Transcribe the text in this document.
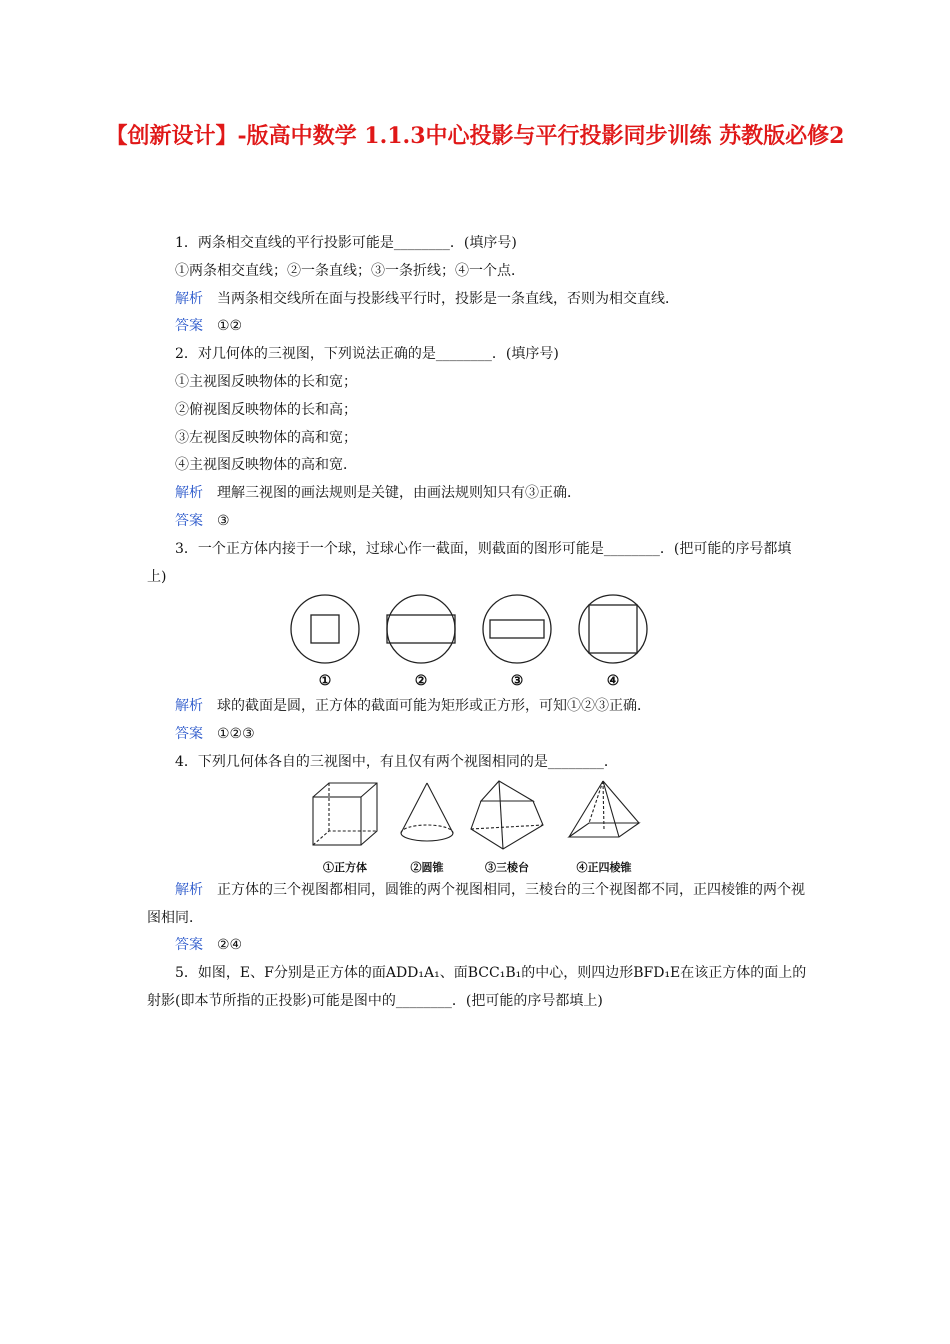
【创新设计】-版高中数学 1.1.3中心投影与平行投影同步训练 苏教版必修2

1．两条相交直线的平行投影可能是________．(填序号)

①两条相交直线；②一条直线；③一条折线；④一个点．

解析 当两条相交线所在面与投影线平行时，投影是一条直线，否则为相交直线．

答案 ①②

2．对几何体的三视图，下列说法正确的是________．(填序号)

①主视图反映物体的长和宽；

②俯视图反映物体的长和高；

③左视图反映物体的高和宽；

④主视图反映物体的高和宽．

解析 理解三视图的画法规则是关键，由画法规则知只有③正确．

答案 ③

3．一个正方体内接于一个球，过球心作一截面，则截面的图形可能是________．(把可能的序号都填上)

①	②	③	④

解析 球的截面是圆，正方体的截面可能为矩形或正方形，可知①②③正确．

答案 ①②③

4．下列几何体各自的三视图中，有且仅有两个视图相同的是________．

①正方体	②圆锥	③三棱台	④正四棱锥

解析 正方体的三个视图都相同，圆锥的两个视图相同，三棱台的三个视图都不同，正四棱锥的两个视图相同．

答案 ②④

5．如图，E、F分别是正方体的面ADD₁A₁、面BCC₁B₁的中心，则四边形BFD₁E在该正方体的面上的射影(即本节所指的正投影)可能是图中的________．(把可能的序号都填上)
